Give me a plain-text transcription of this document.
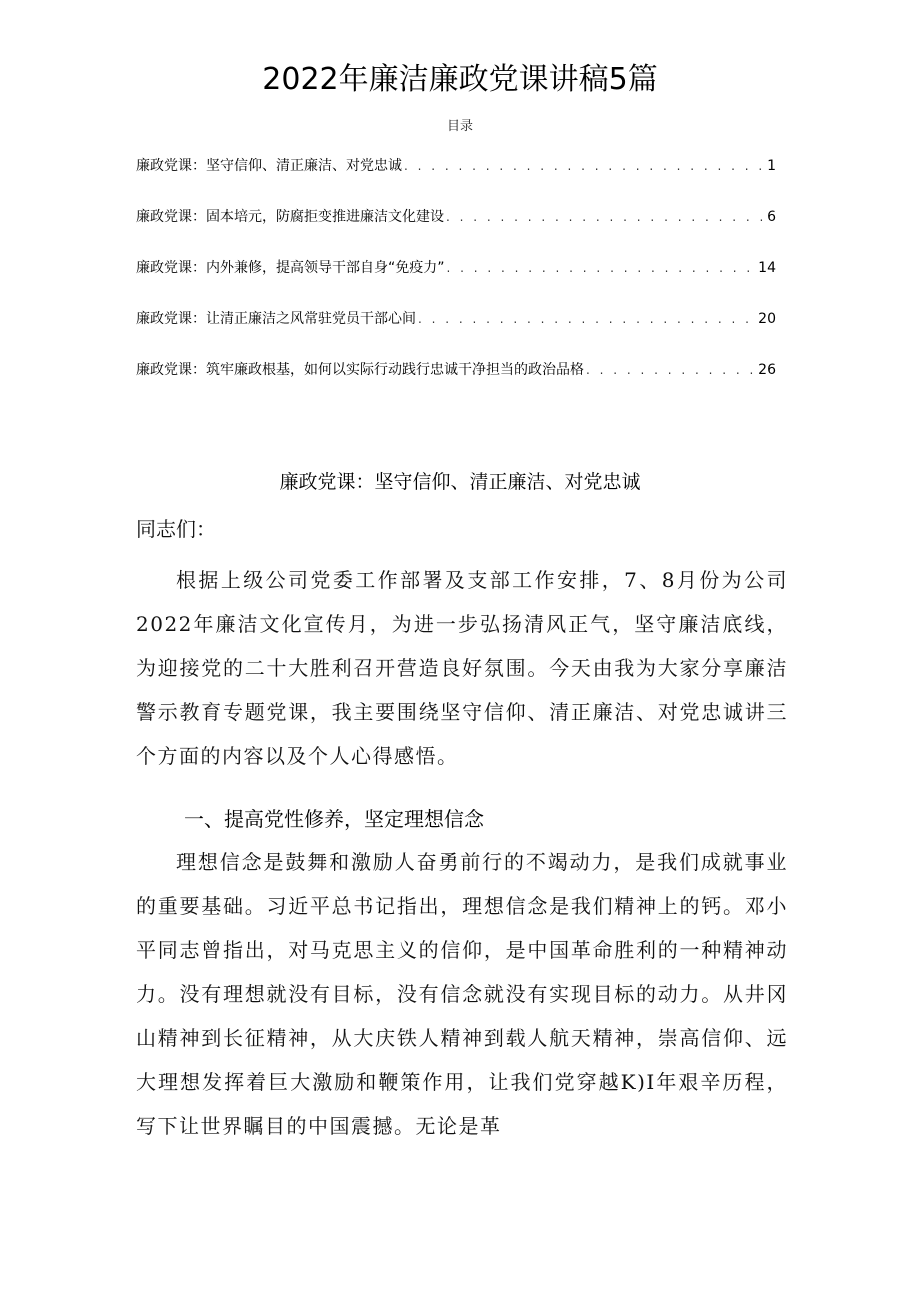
2022年廉洁廉政党课讲稿5篇
目录
廉政党课：坚守信仰、清正廉洁、对党忠诚 . . .	1
廉政党课：固本培元，防腐拒变推进廉洁文化建设 . . .	6
廉政党课：内外兼修，提高领导干部自身“免疫力” . . .	14
廉政党课：让清正廉洁之风常驻党员干部心间 . . .	20
廉政党课：筑牢廉政根基，如何以实际行动践行忠诚干净担当的政治品格 . . .	26
廉政党课：坚守信仰、清正廉洁、对党忠诚
同志们：

根据上级公司党委工作部署及支部工作安排，7、8月份为公司2022年廉洁文化宣传月，为进一步弘扬清风正气，坚守廉洁底线，为迎接党的二十大胜利召开营造良好氛围。今天由我为大家分享廉洁警示教育专题党课，我主要围绕坚守信仰、清正廉洁、对党忠诚讲三个方面的内容以及个人心得感悟。

一、提高党性修养，坚定理想信念

理想信念是鼓舞和激励人奋勇前行的不竭动力，是我们成就事业的重要基础。习近平总书记指出，理想信念是我们精神上的钙。邓小平同志曾指出，对马克思主义的信仰，是中国革命胜利的一种精神动力。没有理想就没有目标，没有信念就没有实现目标的动力。从井冈山精神到长征精神，从大庆铁人精神到载人航天精神，崇高信仰、远大理想发挥着巨大激励和鞭策作用，让我们党穿越K)I年艰辛历程，写下让世界瞩目的中国震撼。无论是革
